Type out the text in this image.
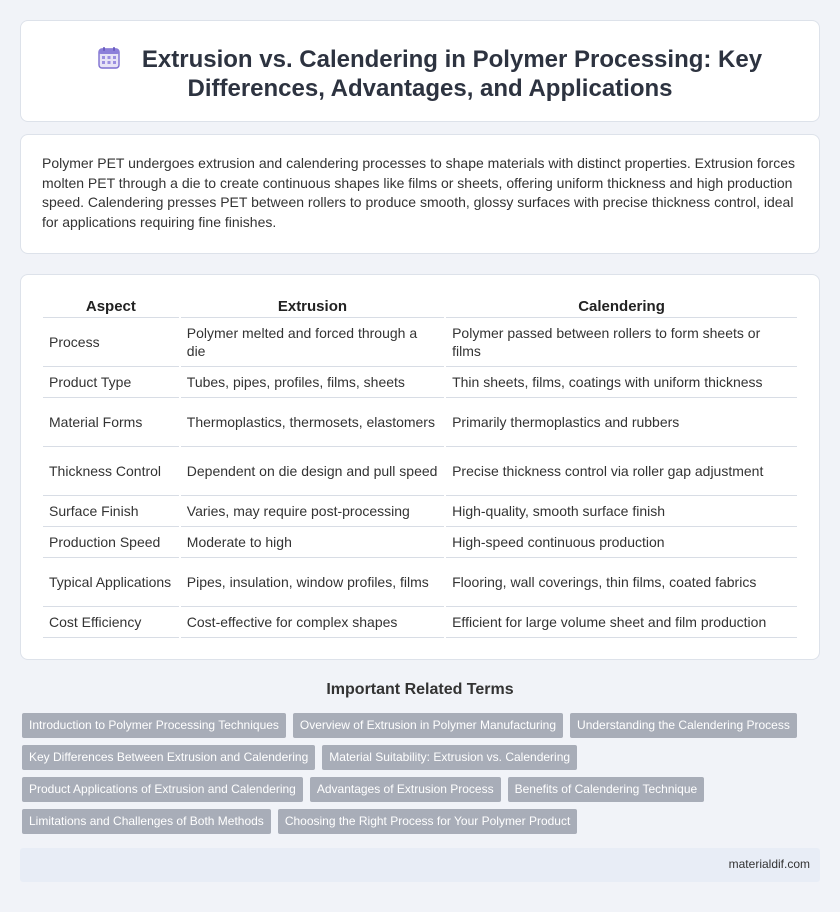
Extrusion vs. Calendering in Polymer Processing: Key Differences, Advantages, and Applications

Polymer PET undergoes extrusion and calendering processes to shape materials with distinct properties. Extrusion forces molten PET through a die to create continuous shapes like films or sheets, offering uniform thickness and high production speed. Calendering presses PET between rollers to produce smooth, glossy surfaces with precise thickness control, ideal for applications requiring fine finishes.

Aspect	Extrusion	Calendering
Process	Polymer melted and forced through a die	Polymer passed between rollers to form sheets or films
Product Type	Tubes, pipes, profiles, films, sheets	Thin sheets, films, coatings with uniform thickness
Material Forms	Thermoplastics, thermosets, elastomers	Primarily thermoplastics and rubbers
Thickness Control	Dependent on die design and pull speed	Precise thickness control via roller gap adjustment
Surface Finish	Varies, may require post-processing	High-quality, smooth surface finish
Production Speed	Moderate to high	High-speed continuous production
Typical Applications	Pipes, insulation, window profiles, films	Flooring, wall coverings, thin films, coated fabrics
Cost Efficiency	Cost-effective for complex shapes	Efficient for large volume sheet and film production
Important Related Terms
Introduction to Polymer Processing Techniques	Overview of Extrusion in Polymer Manufacturing	Understanding the Calendering Process
Key Differences Between Extrusion and Calendering	Material Suitability: Extrusion vs. Calendering
Product Applications of Extrusion and Calendering	Advantages of Extrusion Process	Benefits of Calendering Technique
Limitations and Challenges of Both Methods	Choosing the Right Process for Your Polymer Product
materialdif.com
